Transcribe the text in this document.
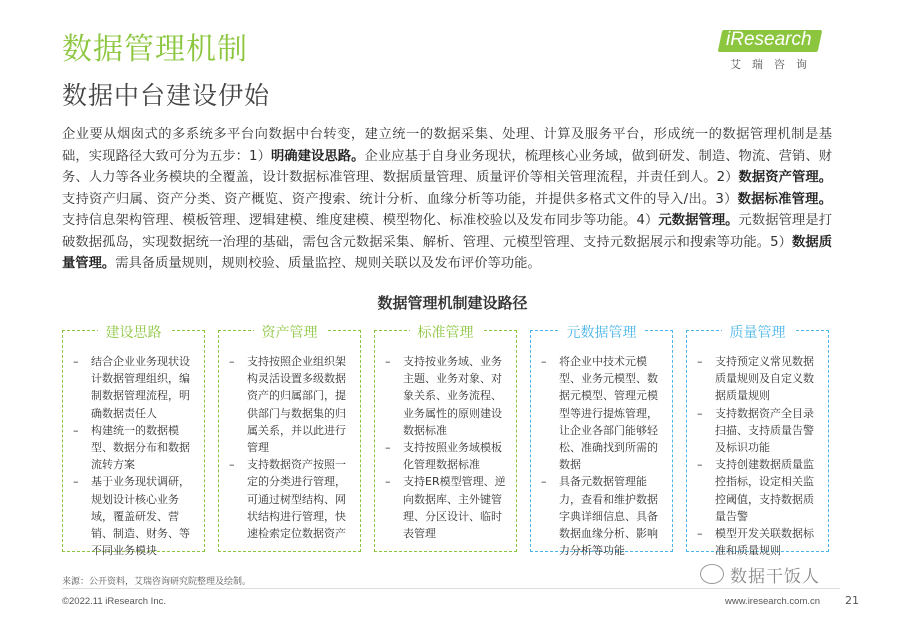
数据管理机制
数据中台建设伊始
iResearch
艾瑞咨询
企业要从烟囱式的多系统多平台向数据中台转变，建立统一的数据采集、处理、计算及服务平台，形成统一的数据管理机制是基础，实现路径大致可分为五步：1）明确建设思路。企业应基于自身业务现状，梳理核心业务域，做到研发、制造、物流、营销、财务、人力等各业务模块的全覆盖，设计数据标准管理、数据质量管理、质量评价等相关管理流程，并责任到人。2）数据资产管理。支持资产归属、资产分类、资产概览、资产搜索、统计分析、血缘分析等功能，并提供多格式文件的导入/出。3）数据标准管理。支持信息架构管理、模板管理、逻辑建模、维度建模、模型物化、标准校验以及发布同步等功能。4）元数据管理。元数据管理是打破数据孤岛，实现数据统一治理的基础，需包含元数据采集、解析、管理、元模型管理、支持元数据展示和搜索等功能。5）数据质量管理。需具备质量规则，规则校验、质量监控、规则关联以及发布评价等功能。
数据管理机制建设路径
建设思路
– 结合企业业务现状设计数据管理组织，编制数据管理流程，明确数据责任人
– 构建统一的数据模型、数据分布和数据流转方案
– 基于业务现状调研，规划设计核心业务域，覆盖研发、营销、制造、财务、等不同业务模块
资产管理
– 支持按照企业组织架构灵活设置多级数据资产的归属部门，提供部门与数据集的归属关系，并以此进行管理
– 支持数据资产按照一定的分类进行管理，可通过树型结构、网状结构进行管理，快速检索定位数据资产
标准管理
– 支持按业务域、业务主题、业务对象、对象关系、业务流程、业务属性的原则建设数据标准
– 支持按照业务域模板化管理数据标准
– 支持ER模型管理、逆向数据库、主外键管理、分区设计、临时表管理
元数据管理
– 将企业中技术元模型、业务元模型、数据元模型、管理元模型等进行提炼管理，让企业各部门能够轻松、准确找到所需的数据
– 具备元数据管理能力，查看和维护数据字典详细信息、具备数据血缘分析、影响力分析等功能
质量管理
– 支持预定义常见数据质量规则及自定义数据质量规则
– 支持数据资产全目录扫描、支持质量告警及标识功能
– 支持创建数据质量监控指标，设定相关监控阈值，支持数据质量告警
– 模型开发关联数据标准和质量规则
数据干饭人
来源：公开资料，艾瑞咨询研究院整理及绘制。
©2022.11 iResearch Inc.	www.iresearch.com.cn 21
